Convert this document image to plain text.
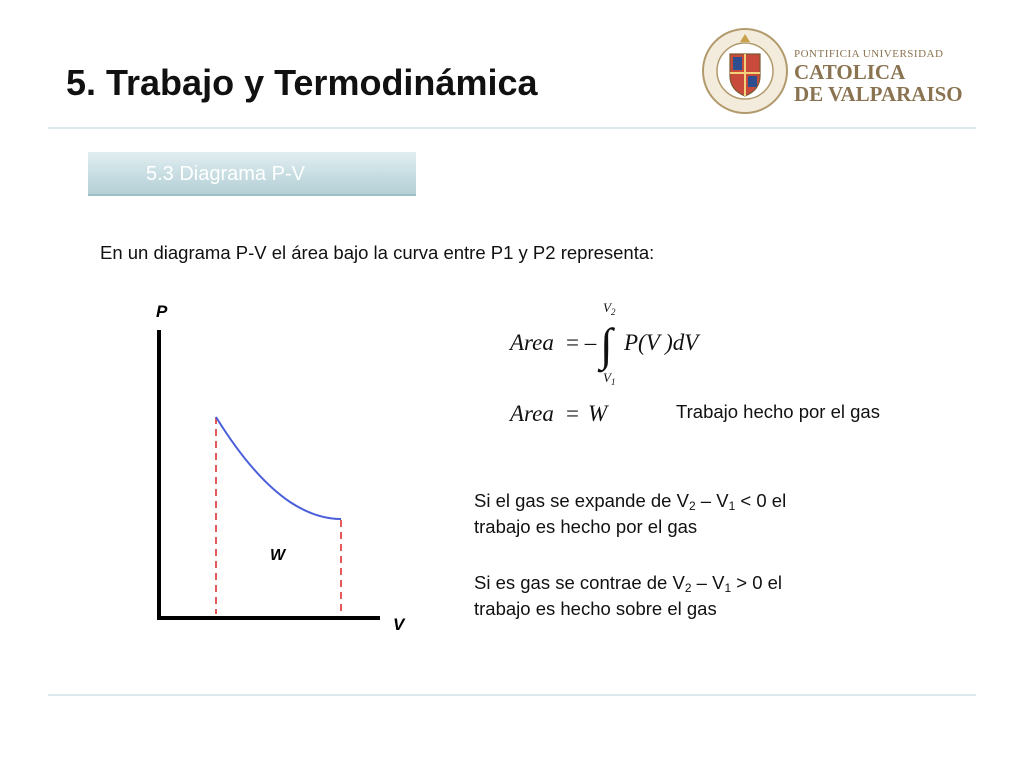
5. Trabajo y Termodinámica
PONTIFICIA UNIVERSIDAD
CATOLICA
DE VALPARAISO
5.3 Diagrama P-V
En un diagrama P-V el área bajo la curva entre P1 y P2 representa:
P
V
W
$V_2$
Area = – ∫ P(V )dV
$V_1$
Area = W	Trabajo hecho por el gas
Si el gas se expande de $V_2 - V_1 < 0$ el
trabajo es hecho por el gas
Si es gas se contrae de $V_2 - V_1 > 0$ el
trabajo es hecho sobre el gas
